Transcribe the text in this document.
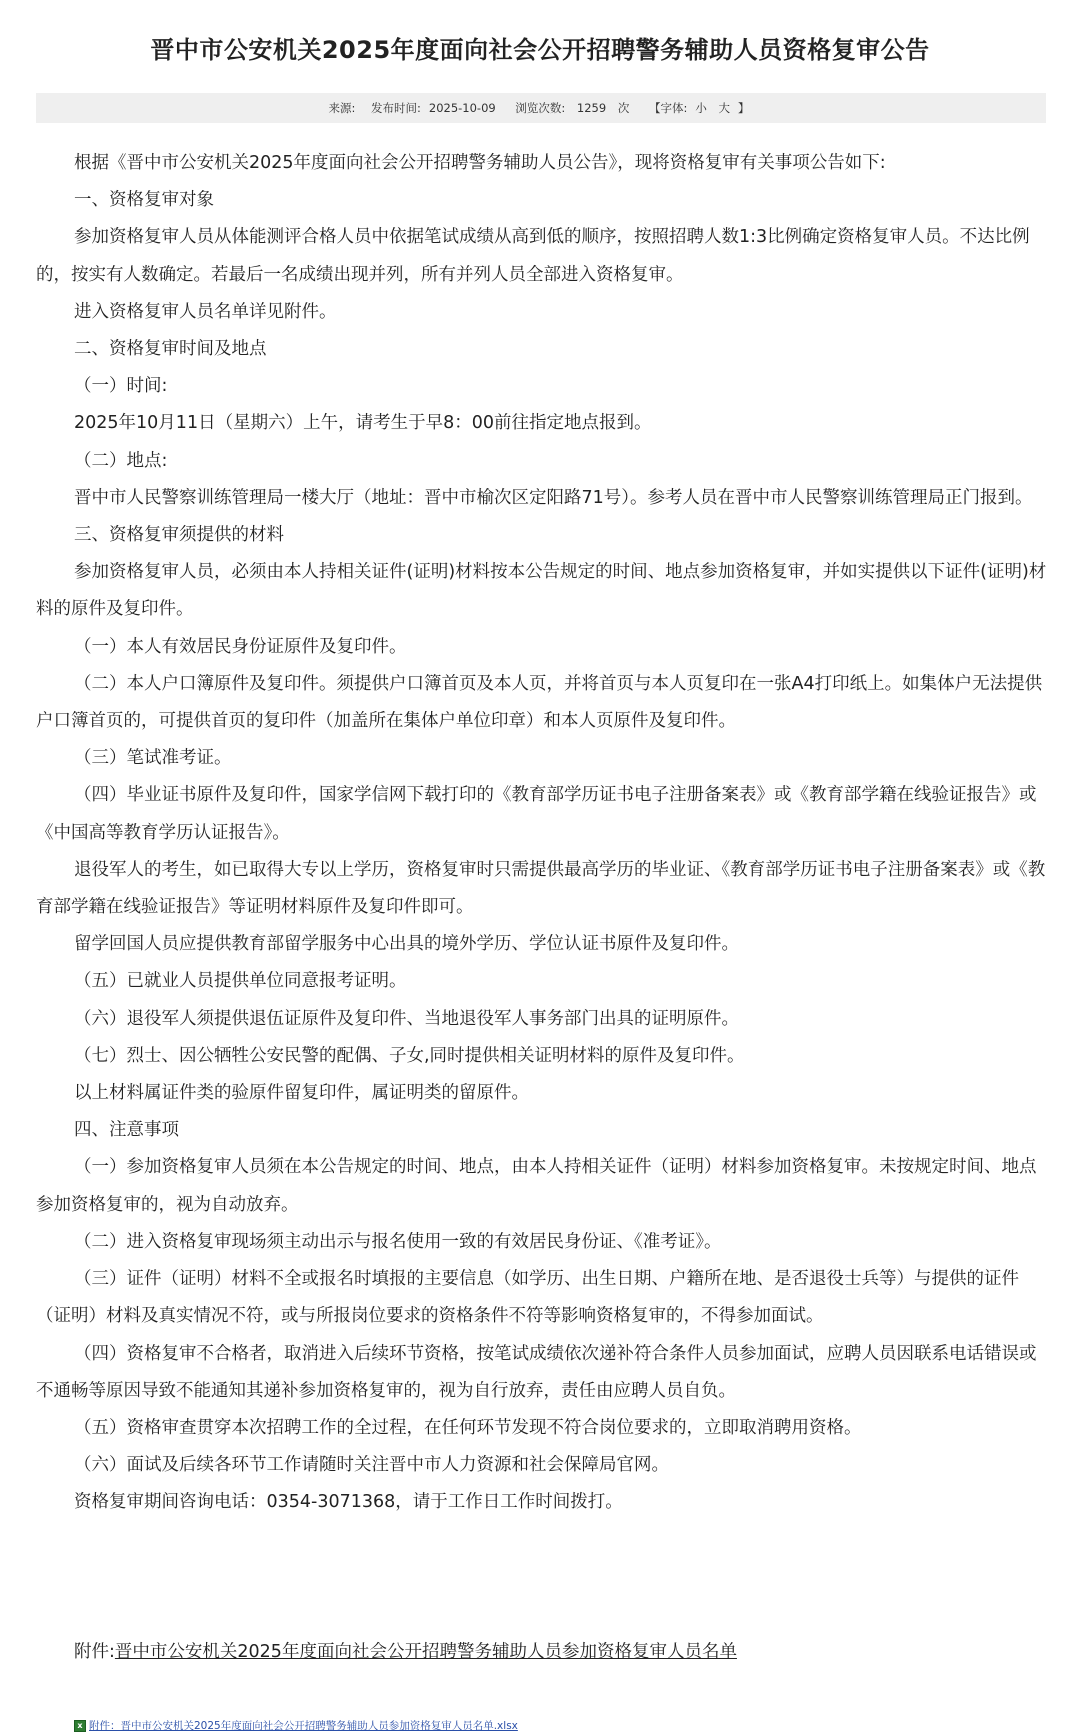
晋中市公安机关2025年度面向社会公开招聘警务辅助人员资格复审公告
来源: 发布时间: 2025-10-09 浏览次数: 1259 次 【字体: 小 大 】

根据《晋中市公安机关2025年度面向社会公开招聘警务辅助人员公告》，现将资格复审有关事项公告如下:

一、资格复审对象

参加资格复审人员从体能测评合格人员中依据笔试成绩从高到低的顺序，按照招聘人数1:3比例确定资格复审人员。不达比例的，按实有人数确定。若最后一名成绩出现并列，所有并列人员全部进入资格复审。

进入资格复审人员名单详见附件。

二、资格复审时间及地点

（一）时间:

2025年10月11日（星期六）上午，请考生于早8：00前往指定地点报到。

（二）地点:

晋中市人民警察训练管理局一楼大厅（地址：晋中市榆次区定阳路71号）。参考人员在晋中市人民警察训练管理局正门报到。

三、资格复审须提供的材料

参加资格复审人员，必须由本人持相关证件(证明)材料按本公告规定的时间、地点参加资格复审，并如实提供以下证件(证明)材料的原件及复印件。

（一）本人有效居民身份证原件及复印件。

（二）本人户口簿原件及复印件。须提供户口簿首页及本人页，并将首页与本人页复印在一张A4打印纸上。如集体户无法提供户口簿首页的，可提供首页的复印件（加盖所在集体户单位印章）和本人页原件及复印件。

（三）笔试准考证。

（四）毕业证书原件及复印件，国家学信网下载打印的《教育部学历证书电子注册备案表》或《教育部学籍在线验证报告》或《中国高等教育学历认证报告》。

退役军人的考生，如已取得大专以上学历，资格复审时只需提供最高学历的毕业证、《教育部学历证书电子注册备案表》或《教育部学籍在线验证报告》等证明材料原件及复印件即可。

留学回国人员应提供教育部留学服务中心出具的境外学历、学位认证书原件及复印件。

（五）已就业人员提供单位同意报考证明。

（六）退役军人须提供退伍证原件及复印件、当地退役军人事务部门出具的证明原件。

（七）烈士、因公牺牲公安民警的配偶、子女,同时提供相关证明材料的原件及复印件。

以上材料属证件类的验原件留复印件，属证明类的留原件。

四、注意事项

（一）参加资格复审人员须在本公告规定的时间、地点，由本人持相关证件（证明）材料参加资格复审。未按规定时间、地点参加资格复审的，视为自动放弃。

（二）进入资格复审现场须主动出示与报名使用一致的有效居民身份证、《准考证》。

（三）证件（证明）材料不全或报名时填报的主要信息（如学历、出生日期、户籍所在地、是否退役士兵等）与提供的证件（证明）材料及真实情况不符，或与所报岗位要求的资格条件不符等影响资格复审的，不得参加面试。

（四）资格复审不合格者，取消进入后续环节资格，按笔试成绩依次递补符合条件人员参加面试，应聘人员因联系电话错误或不通畅等原因导致不能通知其递补参加资格复审的，视为自行放弃，责任由应聘人员自负。

（五）资格审查贯穿本次招聘工作的全过程，在任何环节发现不符合岗位要求的，立即取消聘用资格。

（六）面试及后续各环节工作请随时关注晋中市人力资源和社会保障局官网。

资格复审期间咨询电话：0354-3071368，请于工作日工作时间拨打。

附件:晋中市公安机关2025年度面向社会公开招聘警务辅助人员参加资格复审人员名单
x 附件：晋中市公安机关2025年度面向社会公开招聘警务辅助人员参加资格复审人员名单.xlsx
